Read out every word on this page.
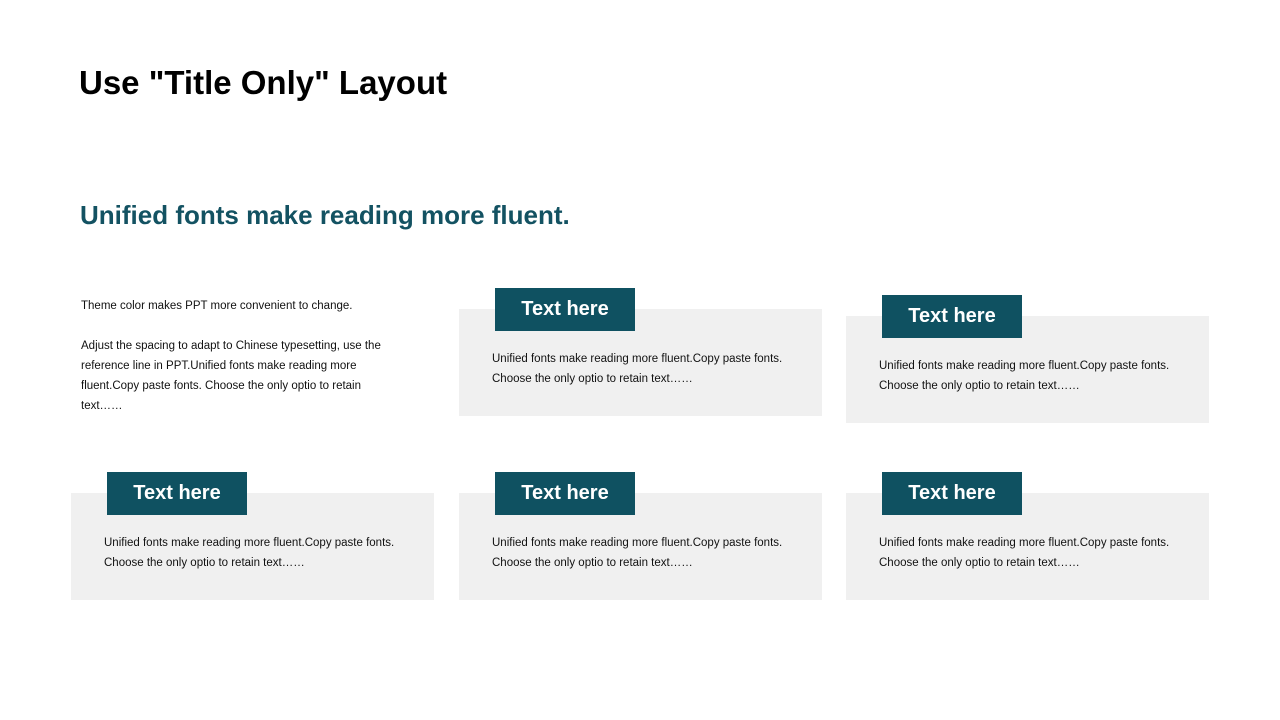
Use "Title Only" Layout
Unified fonts make reading more fluent.

Theme color makes PPT more convenient to change.

Adjust the spacing to adapt to Chinese typesetting, use the reference line in PPT.Unified fonts make reading more fluent.Copy paste fonts. Choose the only optio to retain text……

Text here
Unified fonts make reading more fluent.Copy paste fonts. Choose the only optio to retain text……
Text here
Unified fonts make reading more fluent.Copy paste fonts. Choose the only optio to retain text……
Text here
Unified fonts make reading more fluent.Copy paste fonts. Choose the only optio to retain text……
Text here
Unified fonts make reading more fluent.Copy paste fonts. Choose the only optio to retain text……
Text here
Unified fonts make reading more fluent.Copy paste fonts. Choose the only optio to retain text……
